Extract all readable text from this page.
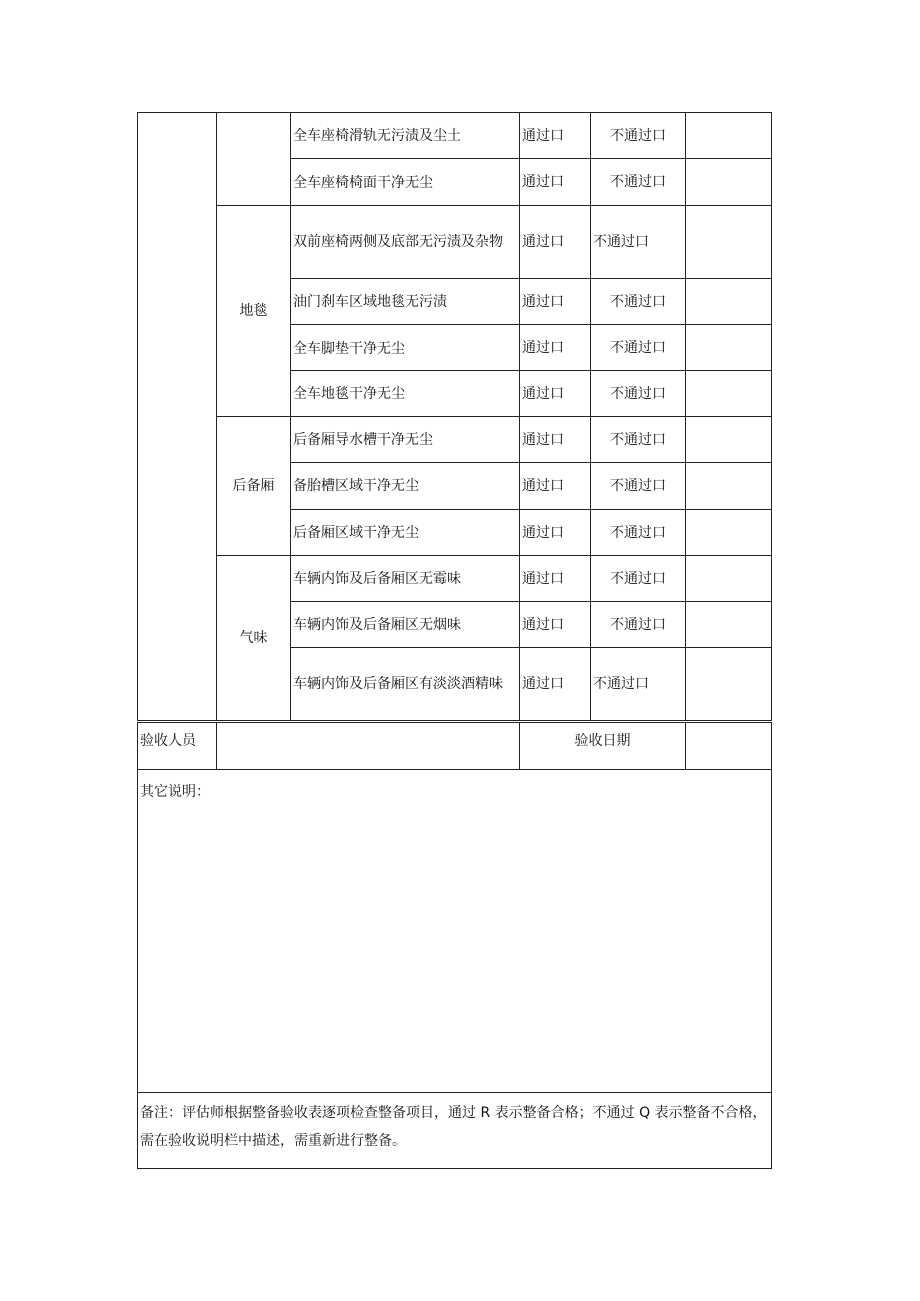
		全车座椅滑轨无污渍及尘土	通过口	不通过口	
		全车座椅椅面干净无尘	通过口	不通过口	
	地毯	双前座椅两侧及底部无污渍及杂物	通过口	不通过口	
		油门刹车区域地毯无污渍	通过口	不通过口	
		全车脚垫干净无尘	通过口	不通过口	
		全车地毯干净无尘	通过口	不通过口	
	后备厢	后备厢导水槽干净无尘	通过口	不通过口	
		备胎槽区域干净无尘	通过口	不通过口	
		后备厢区域干净无尘	通过口	不通过口	
	气味	车辆内饰及后备厢区无霉味	通过口	不通过口	
		车辆内饰及后备厢区无烟味	通过口	不通过口	
		车辆内饰及后备厢区有淡淡酒精味	通过口	不通过口	
验收人员		验收日期	
其它说明：
备注：评估师根据整备验收表逐项检查整备项目，通过 R 表示整备合格；不通过 Q 表示整备不合格，需在验收说明栏中描述，需重新进行整备。
